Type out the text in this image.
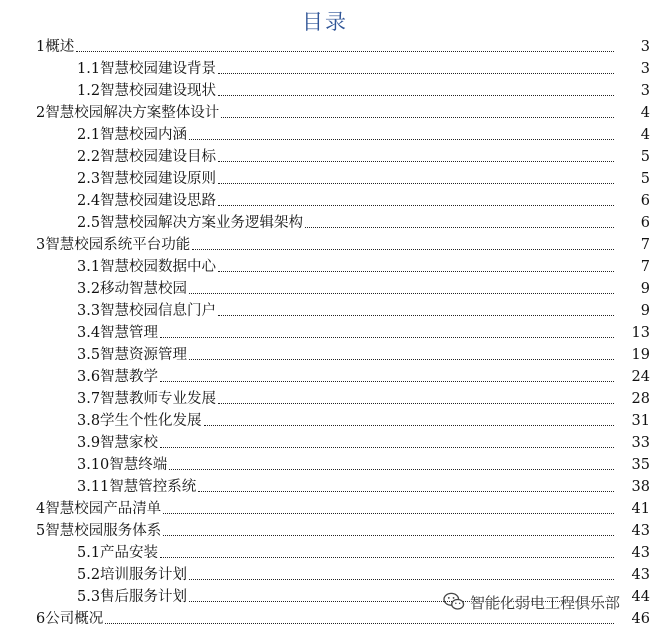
目录
1概述	3
1.1智慧校园建设背景	3
1.2智慧校园建设现状	3
2智慧校园解决方案整体设计	4
2.1智慧校园内涵	4
2.2智慧校园建设目标	5
2.3智慧校园建设原则	5
2.4智慧校园建设思路	6
2.5智慧校园解决方案业务逻辑架构	6
3智慧校园系统平台功能	7
3.1智慧校园数据中心	7
3.2移动智慧校园	9
3.3智慧校园信息门户	9
3.4智慧管理	13
3.5智慧资源管理	19
3.6智慧教学	24
3.7智慧教师专业发展	28
3.8学生个性化发展	31
3.9智慧家校	33
3.10智慧终端	35
3.11智慧管控系统	38
4智慧校园产品清单	41
5智慧校园服务体系	43
5.1产品安装	43
5.2培训服务计划	43
5.3售后服务计划	44
6公司概况	46
智能化弱电工程俱乐部
